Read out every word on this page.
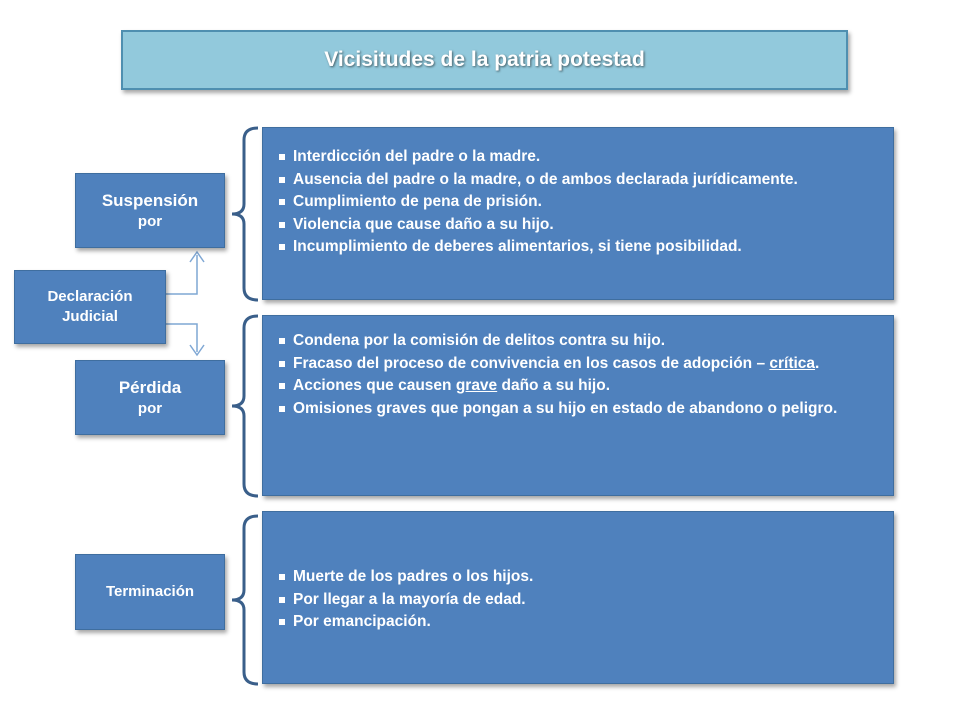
Vicisitudes de la patria potestad
Suspensión
por
Declaración
Judicial
Pérdida
por
Terminación
Interdicción del padre o la madre.
Ausencia del padre o la madre, o de ambos declarada jurídicamente.
Cumplimiento de pena de prisión.
Violencia que cause daño a su hijo.
Incumplimiento de deberes alimentarios, si tiene posibilidad.
Condena por la comisión de delitos contra su hijo.
Fracaso del proceso de convivencia en los casos de adopción – crítica.
Acciones que causen grave daño a su hijo.
Omisiones graves que pongan a su hijo en estado de abandono o peligro.
Muerte de los padres o los hijos.
Por llegar a la mayoría de edad.
Por emancipación.
